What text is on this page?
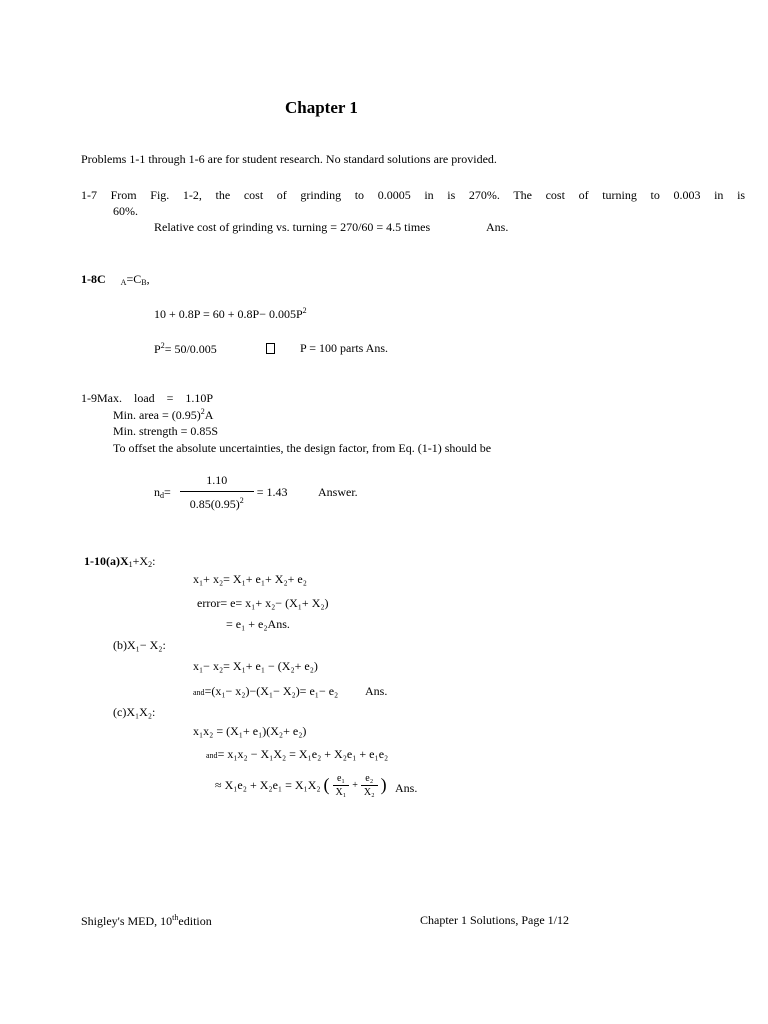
Chapter 1
Problems 1-1 through 1-6 are for student research. No standard solutions are provided.
1-7 From Fig. 1-2, the cost of grinding to 0.0005 in is 270%. The cost of turning to 0.003 in is
60%.
Relative cost of grinding vs. turning = 270/60 = 4.5 times	Ans.
1-8C $_A=C_B$,
$10 + 0.8P = 60 + 0.8P- 0.005P^2$
$P^2= 50/0.005$	P = 100 parts Ans.
1-9Max.    load    =    1.10P
Min. area = $(0.95)^2A$
Min. strength = 0.85S
To offset the absolute uncertainties, the design factor, from Eq. (1-1) should be
$n_d= \frac{1.10}{0.85(0.95)^2} = 1.43$	Answer.
$1-10(a)X_1+X_2$:
x₁+ x₂= X₁+ e₁+ X₂+ e₂
error= e= x₁+ x₂− (X₁+ X₂)
= e₁ + e₂Ans.
(b)X₁− X₂:
x₁− x₂= X₁+ e₁ − (X₂+ e₂)
and=(x₁− x₂)−(X₁− X₂)= e₁− e₂ Ans.
(c)X₁X₂:
x₁x₂ = (X₁+ e₁)(X₂+ e₂)
and= x₁x₂ − X₁X₂ = X₁e₂ + X₂e₁ + e₁e₂
≈ X₁e₂ + X₂e₁ = X₁X₂ ( $\frac{\text{e₁}}{\text{X₁}} + \frac{\text{e₂}}{\text{X₂}}$ ) Ans.
Shigley's MED, 10thedition	Chapter 1 Solutions, Page 1/12
